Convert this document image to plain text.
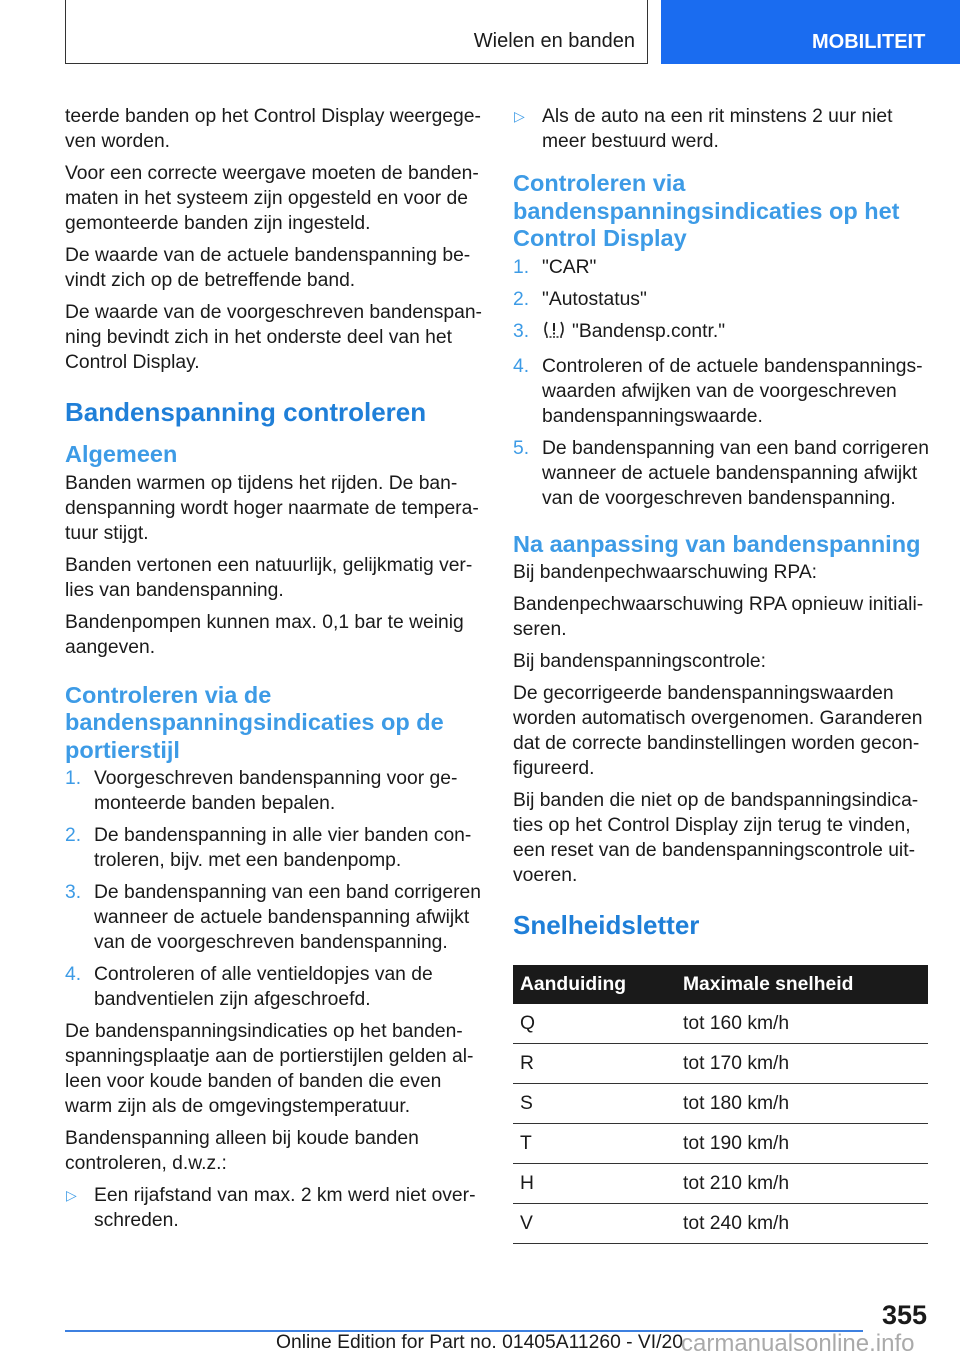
Wielen en banden	MOBILITEIT

teerde banden op het Control Display weergegeven worden.

Voor een correcte weergave moeten de bandenmaten in het systeem zijn opgesteld en voor de gemonteerde banden zijn ingesteld.

De waarde van de actuele bandenspanning bevindt zich op de betreffende band.

De waarde van de voorgeschreven bandenspanning bevindt zich in het onderste deel van het Control Display.

Bandenspanning controleren
Algemeen

Banden warmen op tijdens het rijden. De bandenspanning wordt hoger naarmate de temperatuur stijgt.

Banden vertonen een natuurlijk, gelijkmatig verlies van bandenspanning.

Bandenpompen kunnen max. 0,1 bar te weinig aangeven.

Controleren via de bandenspanningsindicaties op de portierstijl
1. Voorgeschreven bandenspanning voor gemonteerde banden bepalen.
2. De bandenspanning in alle vier banden controleren, bijv. met een bandenpomp.
3. De bandenspanning van een band corrigeren wanneer de actuele bandenspanning afwijkt van de voorgeschreven bandenspanning.
4. Controleren of alle ventieldopjes van de bandventielen zijn afgeschroefd.

De bandenspanningsindicaties op het bandenspanningsplaatje aan de portierstijlen gelden alleen voor koude banden of banden die even warm zijn als de omgevingstemperatuur.

Bandenspanning alleen bij koude banden controleren, d.w.z.:

▷ Een rijafstand van max. 2 km werd niet overschreden.
▷ Als de auto na een rit minstens 2 uur niet meer bestuurd werd.
Controleren via bandenspanningsindicaties op het Control Display
1. "CAR"
2. "Autostatus"
3. "Bandensp.contr."
4. Controleren of de actuele bandenspanningswaarden afwijken van de voorgeschreven bandenspanningswaarde.
5. De bandenspanning van een band corrigeren wanneer de actuele bandenspanning afwijkt van de voorgeschreven bandenspanning.
Na aanpassing van bandenspanning

Bij bandenpechwaarschuwing RPA:

Bandenpechwaarschuwing RPA opnieuw initialiseren.

Bij bandenspanningscontrole:

De gecorrigeerde bandenspanningswaarden worden automatisch overgenomen. Garanderen dat de correcte bandinstellingen worden geconfigureerd.

Bij banden die niet op de bandspanningsindicaties op het Control Display zijn terug te vinden, een reset van de bandenspanningscontrole uitvoeren.

Snelheidsletter
Aanduiding	Maximale snelheid
Q	tot 160 km/h
R	tot 170 km/h
S	tot 180 km/h
T	tot 190 km/h
H	tot 210 km/h
V	tot 240 km/h
355
Online Edition for Part no. 01405A11260 - VI/20
carmanualsonline.info
